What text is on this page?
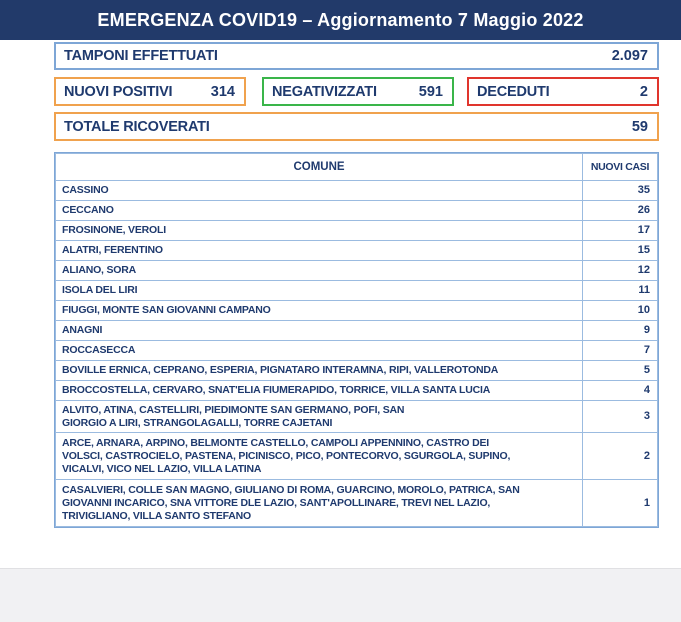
EMERGENZA COVID19 – Aggiornamento 7 Maggio 2022
TAMPONI EFFETTUATI	2.097
NUOVI POSITIVI	314	NEGATIVIZZATI	591 DECEDUTI	2
TOTALE RICOVERATI	59
COMUNE	NUOVI CASI
CASSINO	35
CECCANO	26
FROSINONE, VEROLI	17
ALATRI, FERENTINO	15
ALIANO, SORA	12
ISOLA DEL LIRI	11
FIUGGI, MONTE SAN GIOVANNI CAMPANO	10
ANAGNI	9
ROCCASECCA	7
BOVILLE ERNICA, CEPRANO, ESPERIA, PIGNATARO INTERAMNA, RIPI, VALLEROTONDA	5
BROCCOSTELLA, CERVARO, SNAT'ELIA FIUMERAPIDO, TORRICE, VILLA SANTA LUCIA	4
ALVITO, ATINA, CASTELLIRI, PIEDIMONTE SAN GERMANO, POFI, SAN GIORGIO A LIRI, STRANGOLAGALLI, TORRE CAJETANI	3
ARCE, ARNARA, ARPINO, BELMONTE CASTELLO, CAMPOLI APPENNINO, CASTRO DEI VOLSCI, CASTROCIELO, PASTENA, PICINISCO, PICO, PONTECORVO, SGURGOLA, SUPINO, VICALVI, VICO NEL LAZIO, VILLA LATINA	2
CASALVIERI, COLLE SAN MAGNO, GIULIANO DI ROMA, GUARCINO, MOROLO, PATRICA, SAN GIOVANNI INCARICO, SNA VITTORE DLE LAZIO, SANT'APOLLINARE, TREVI NEL LAZIO, TRIVIGLIANO, VILLA SANTO STEFANO	1
